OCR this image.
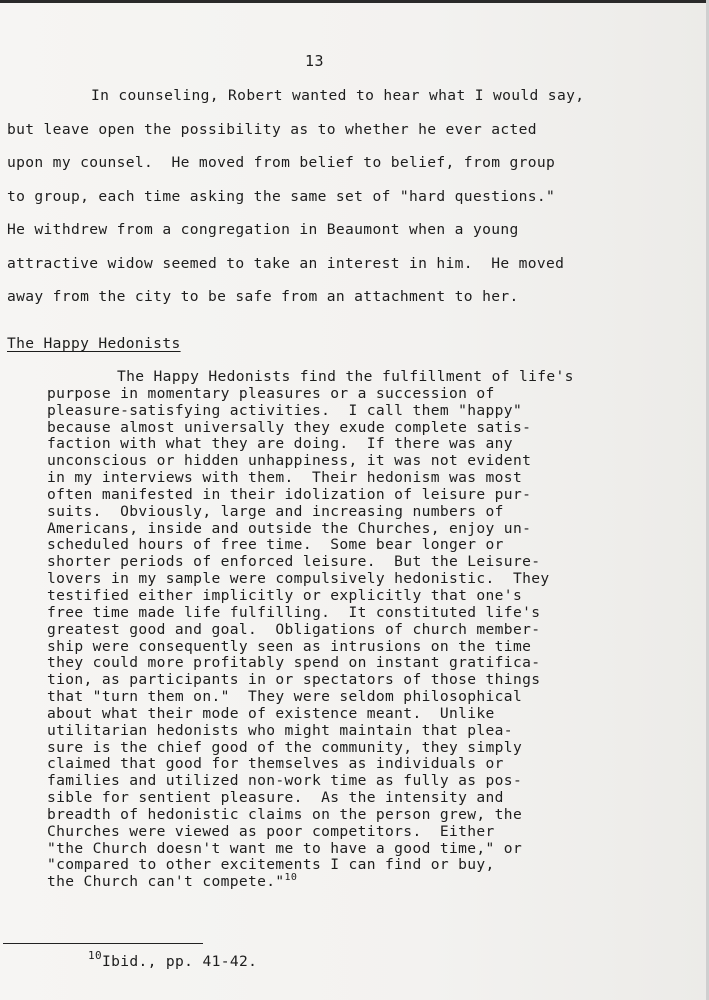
13
In counseling, Robert wanted to hear what I would say,
but leave open the possibility as to whether he ever acted
upon my counsel.  He moved from belief to belief, from group
to group, each time asking the same set of "hard questions."
He withdrew from a congregation in Beaumont when a young
attractive widow seemed to take an interest in him.  He moved
away from the city to be safe from an attachment to her.
The Happy Hedonists
The Happy Hedonists find the fulfillment of life's
purpose in momentary pleasures or a succession of
pleasure-satisfying activities.  I call them "happy"
because almost universally they exude complete satis-
faction with what they are doing.  If there was any
unconscious or hidden unhappiness, it was not evident
in my interviews with them.  Their hedonism was most
often manifested in their idolization of leisure pur-
suits.  Obviously, large and increasing numbers of
Americans, inside and outside the Churches, enjoy un-
scheduled hours of free time.  Some bear longer or
shorter periods of enforced leisure.  But the Leisure-
lovers in my sample were compulsively hedonistic.  They
testified either implicitly or explicitly that one's
free time made life fulfilling.  It constituted life's
greatest good and goal.  Obligations of church member-
ship were consequently seen as intrusions on the time
they could more profitably spend on instant gratifica-
tion, as participants in or spectators of those things
that "turn them on."  They were seldom philosophical
about what their mode of existence meant.  Unlike
utilitarian hedonists who might maintain that plea-
sure is the chief good of the community, they simply
claimed that good for themselves as individuals or
families and utilized non-work time as fully as pos-
sible for sentient pleasure.  As the intensity and
breadth of hedonistic claims on the person grew, the
Churches were viewed as poor competitors.  Either
"the Church doesn't want me to have a good time," or
"compared to other excitements I can find or buy,
the Church can't compete."$^{10}$
$^{10}$Ibid., pp. 41-42.
